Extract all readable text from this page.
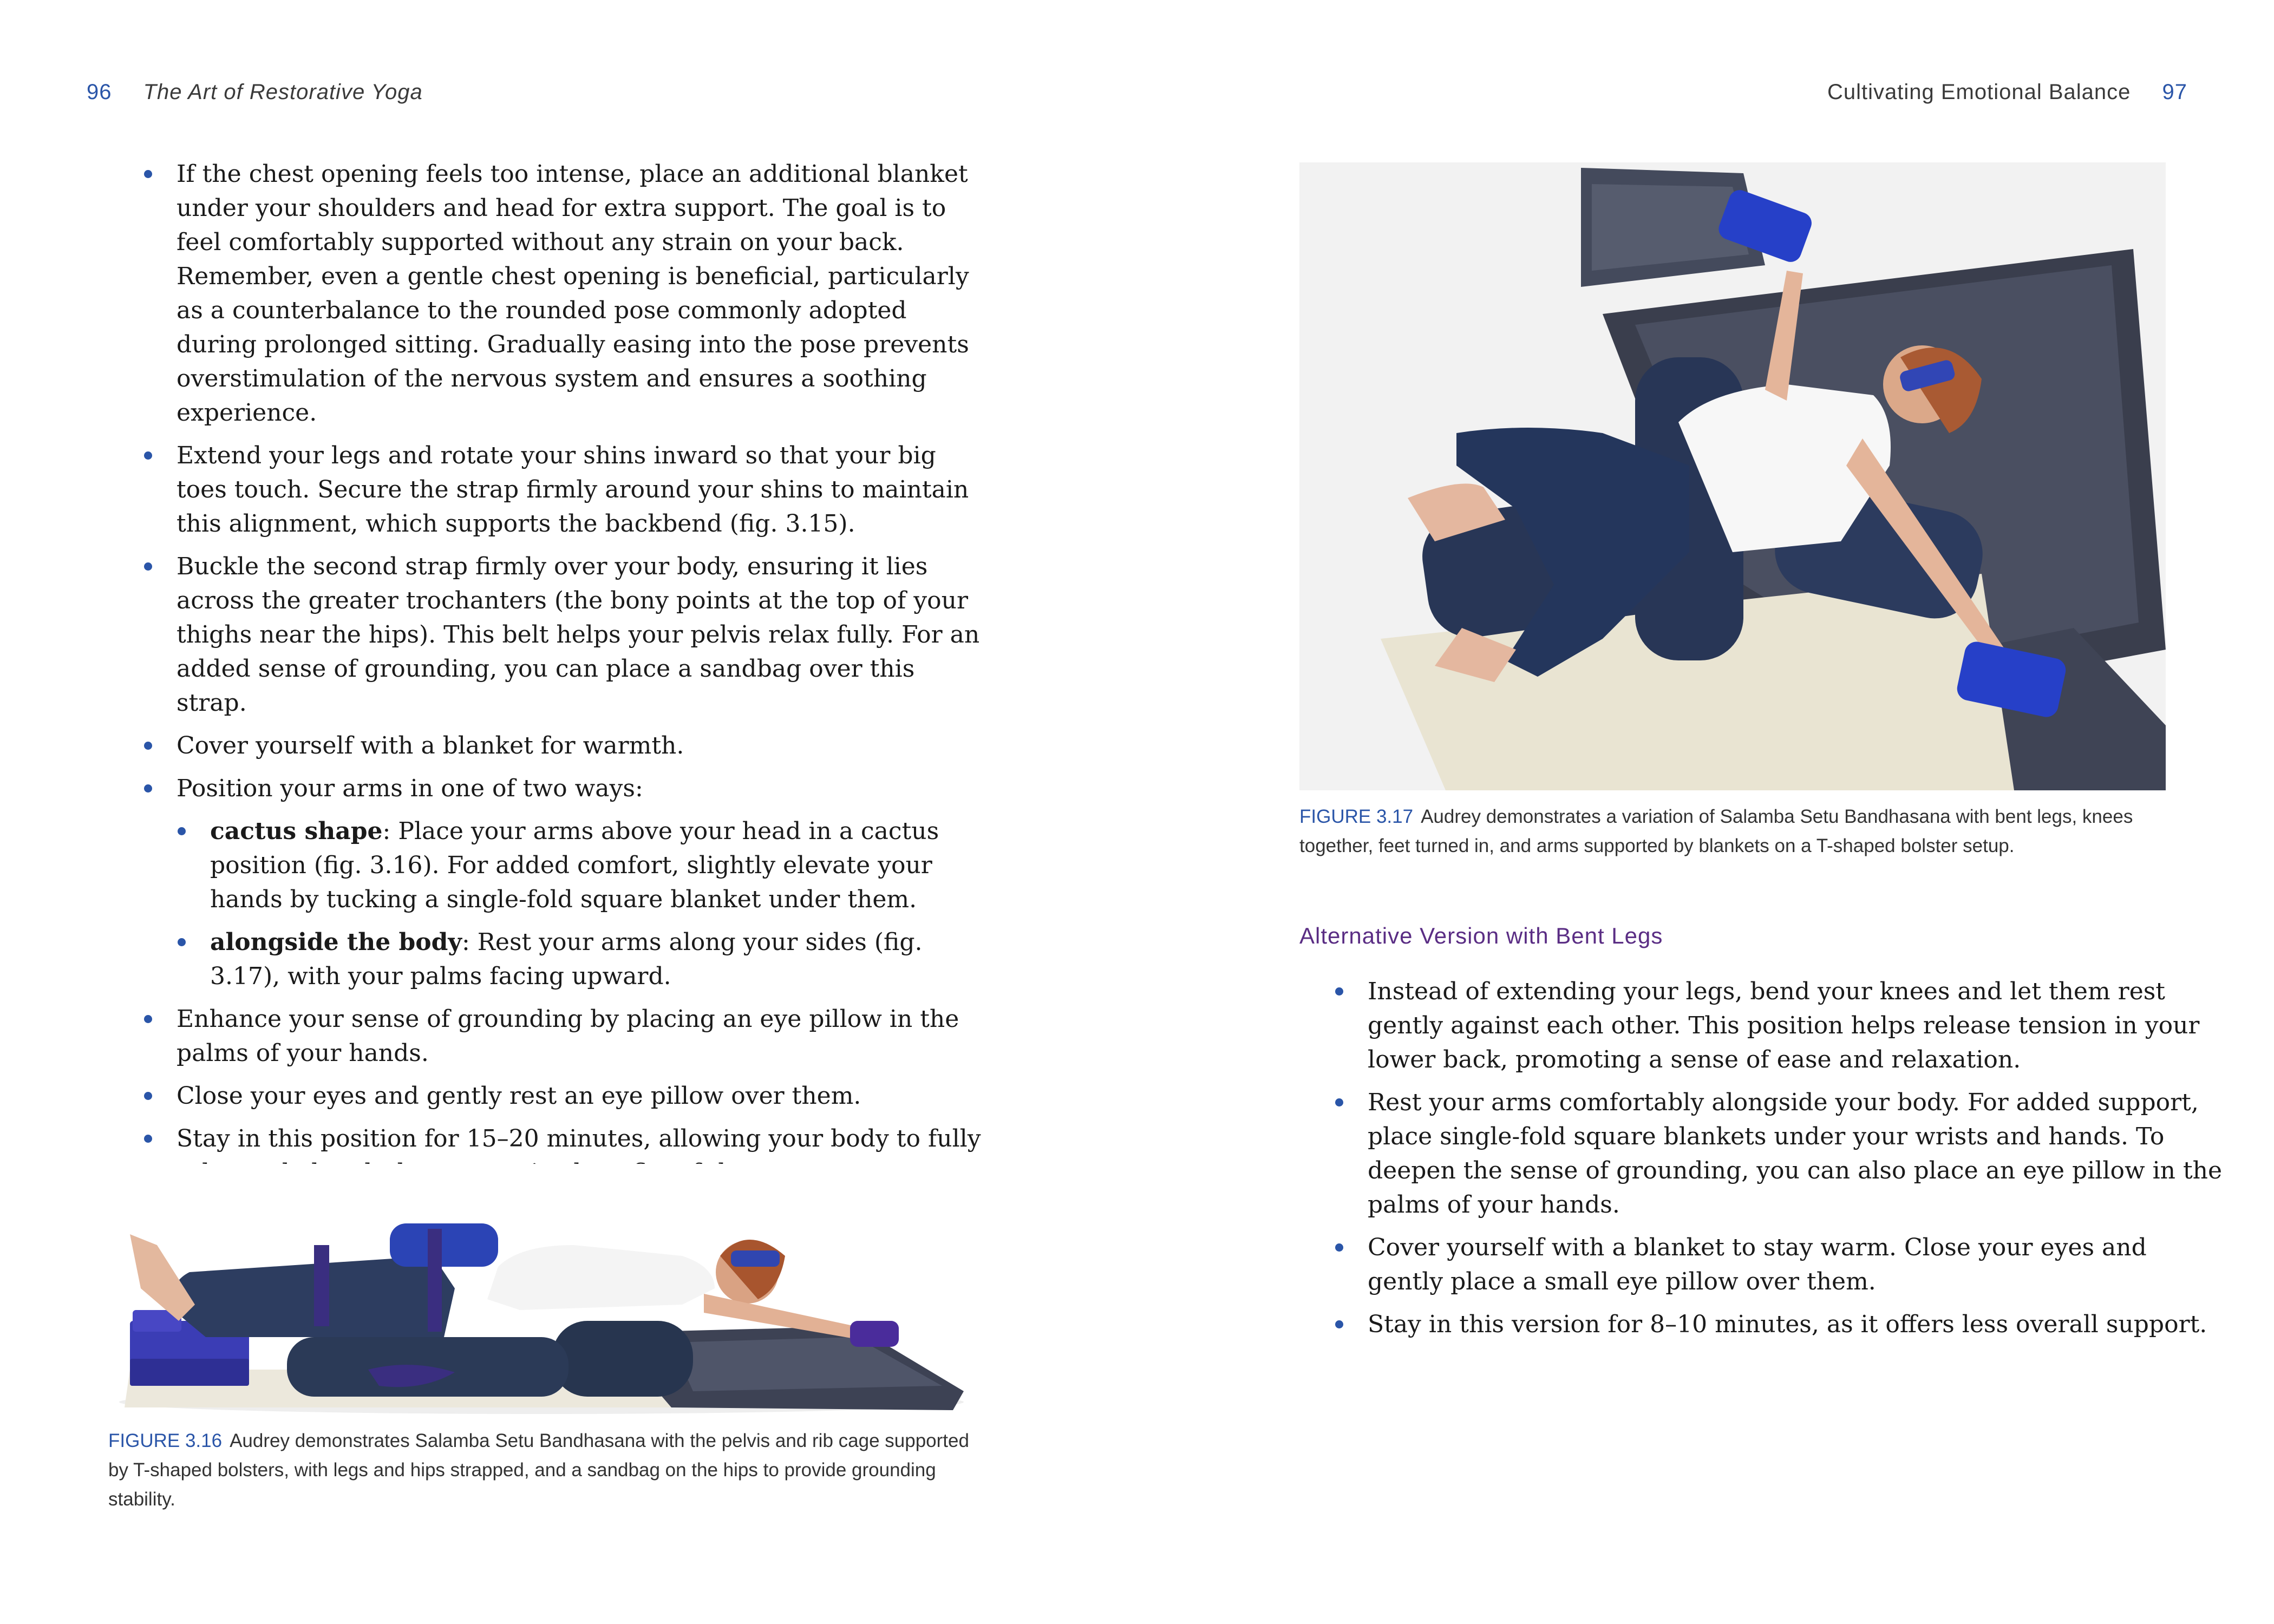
96 The Art of Restorative Yoga
If the chest opening feels too intense, place an additional blanket under your shoulders and head for extra support. The goal is to feel comfortably supported without any strain on your back. Remember, even a gentle chest opening is beneficial, particularly as a counterbalance to the rounded pose commonly adopted during prolonged sitting. Gradually easing into the pose prevents overstimulation of the nervous system and ensures a soothing experience.
Extend your legs and rotate your shins inward so that your big toes touch. Secure the strap firmly around your shins to maintain this alignment, which supports the backbend (fig. 3.15).
Buckle the second strap firmly over your body, ensuring it lies across the greater trochanters (the bony points at the top of your thighs near the hips). This belt helps your pelvis relax fully. For an added sense of grounding, you can place a sandbag over this strap.
Cover yourself with a blanket for warmth.
Position your arms in one of two ways:
cactus shape: Place your arms above your head in a cactus position (fig. 3.16). For added comfort, slightly elevate your hands by tucking a single-fold square blanket under them.
alongside the body: Rest your arms along your sides (fig. 3.17), with your palms facing upward.
Enhance your sense of grounding by placing an eye pillow in the palms of your hands.
Close your eyes and gently rest an eye pillow over them.
Stay in this position for 15–20 minutes, allowing your body to fully
FIGURE 3.16 Audrey demonstrates Salamba Setu Bandhasana with the pelvis and rib cage supported by T-shaped bolsters, with legs and hips strapped, and a sandbag on the hips to provide grounding stability.
Cultivating Emotional Balance 97
FIGURE 3.17 Audrey demonstrates a variation of Salamba Setu Bandhasana with bent legs, knees together, feet turned in, and arms supported by blankets on a T-shaped bolster setup.
Alternative Version with Bent Legs
Instead of extending your legs, bend your knees and let them rest gently against each other. This position helps release tension in your lower back, promoting a sense of ease and relaxation.
Rest your arms comfortably alongside your body. For added support, place single-fold square blankets under your wrists and hands. To deepen the sense of grounding, you can also place an eye pillow in the palms of your hands.
Cover yourself with a blanket to stay warm. Close your eyes and gently place a small eye pillow over them.
Stay in this version for 8–10 minutes, as it offers less overall support.
